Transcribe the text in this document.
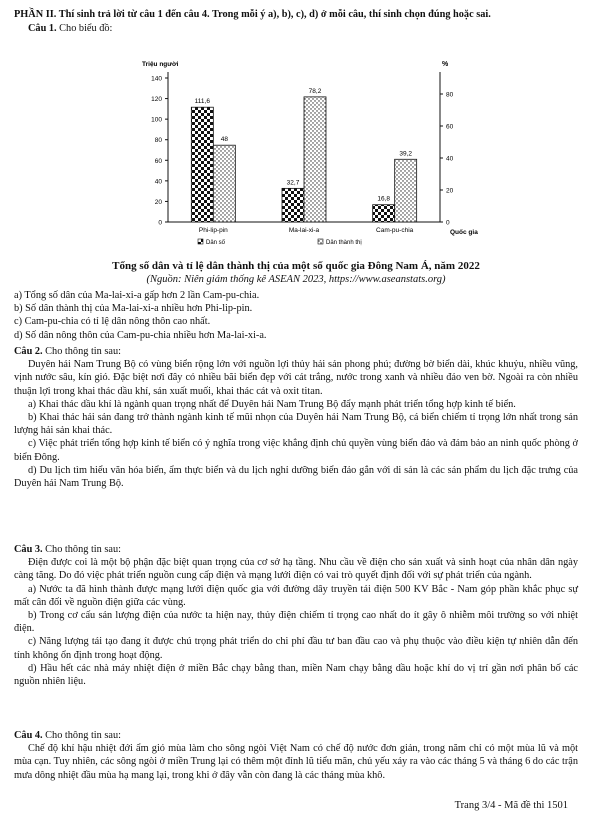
PHẦN II. Thí sinh trả lời từ câu 1 đến câu 4. Trong mỗi ý a), b), c), d) ở mỗi câu, thí sinh chọn đúng hoặc sai.
Câu 1. Cho biểu đồ:
0
20
40
60
80
100
120
140
0
20
40
60
80
Triệu người	%
Quốc gia
111,6
48
Phi-lip-pin
32,7
78,2
Ma-lai-xi-a
16,8
39,2
Cam-pu-chia
Dân số	Dân thành thị
Tổng số dân và tỉ lệ dân thành thị của một số quốc gia Đông Nam Á, năm 2022
(Nguồn: Niên giám thống kê ASEAN 2023, https://www.aseanstats.org)
a) Tổng số dân của Ma-lai-xi-a gấp hơn 2 lần Cam-pu-chia.
b) Số dân thành thị của Ma-lai-xi-a nhiều hơn Phi-lip-pin.
c) Cam-pu-chia có tỉ lệ dân nông thôn cao nhất.
d) Số dân nông thôn của Cam-pu-chia nhiều hơn Ma-lai-xi-a.
Câu 2. Cho thông tin sau:
Duyên hải Nam Trung Bộ có vùng biển rộng lớn với nguồn lợi thủy hải sản phong phú; đường bờ biển dài, khúc khuỷu, nhiều vũng, vịnh nước sâu, kín gió. Đặc biệt nơi đây có nhiều bãi biển đẹp với cát trắng, nước trong xanh và nhiều đảo ven bờ. Ngoài ra còn nhiều thuận lợi trong khai thác dầu khí, sản xuất muối, khai thác cát và oxit titan.
a) Khai thác dầu khí là ngành quan trọng nhất để Duyên hải Nam Trung Bộ đẩy mạnh phát triển tổng hợp kinh tế biển.
b) Khai thác hải sản đang trở thành ngành kinh tế mũi nhọn của Duyên hải Nam Trung Bộ, cá biển chiếm tỉ trọng lớn nhất trong sản lượng hải sản khai thác.
c) Việc phát triển tổng hợp kinh tế biển có ý nghĩa trong việc khẳng định chủ quyền vùng biển đảo và đảm bảo an ninh quốc phòng ở biển Đông.
d) Du lịch tìm hiểu văn hóa biển, ẩm thực biển và du lịch nghỉ dưỡng biển đảo gắn với di sản là các sản phẩm du lịch đặc trưng của Duyên hải Nam Trung Bộ.
Câu 3. Cho thông tin sau:
Điện được coi là một bộ phận đặc biệt quan trọng của cơ sở hạ tầng. Nhu cầu về điện cho sản xuất và sinh hoạt của nhân dân ngày càng tăng. Do đó việc phát triển nguồn cung cấp điện và mạng lưới điện có vai trò quyết định đối với sự phát triển của ngành.
a) Nước ta đã hình thành được mạng lưới điện quốc gia với đường dây truyền tải điện 500 KV Bắc - Nam góp phần khắc phục sự mất cân đối về nguồn điện giữa các vùng.
b) Trong cơ cấu sản lượng điện của nước ta hiện nay, thủy điện chiếm tỉ trọng cao nhất do ít gây ô nhiễm môi trường so với nhiệt điện.
c) Năng lượng tái tạo đang ít được chú trọng phát triển do chi phí đầu tư ban đầu cao và phụ thuộc vào điều kiện tự nhiên dẫn đến tính không ổn định trong hoạt động.
d) Hầu hết các nhà máy nhiệt điện ở miền Bắc chạy bằng than, miền Nam chạy bằng dầu hoặc khí do vị trí gần nơi phân bố các nguồn nhiên liệu.
Câu 4. Cho thông tin sau:
Chế độ khí hậu nhiệt đới ẩm gió mùa làm cho sông ngòi Việt Nam có chế độ nước đơn giản, trong năm chỉ có một mùa lũ và một mùa cạn. Tuy nhiên, các sông ngòi ở miền Trung lại có thêm một đỉnh lũ tiểu mãn, chủ yếu xảy ra vào các tháng 5 và tháng 6 do các trận mưa dông nhiệt đầu mùa hạ mang lại, trong khi ở đây vẫn còn đang là các tháng mùa khô.
Trang 3/4 - Mã đề thi 1501
